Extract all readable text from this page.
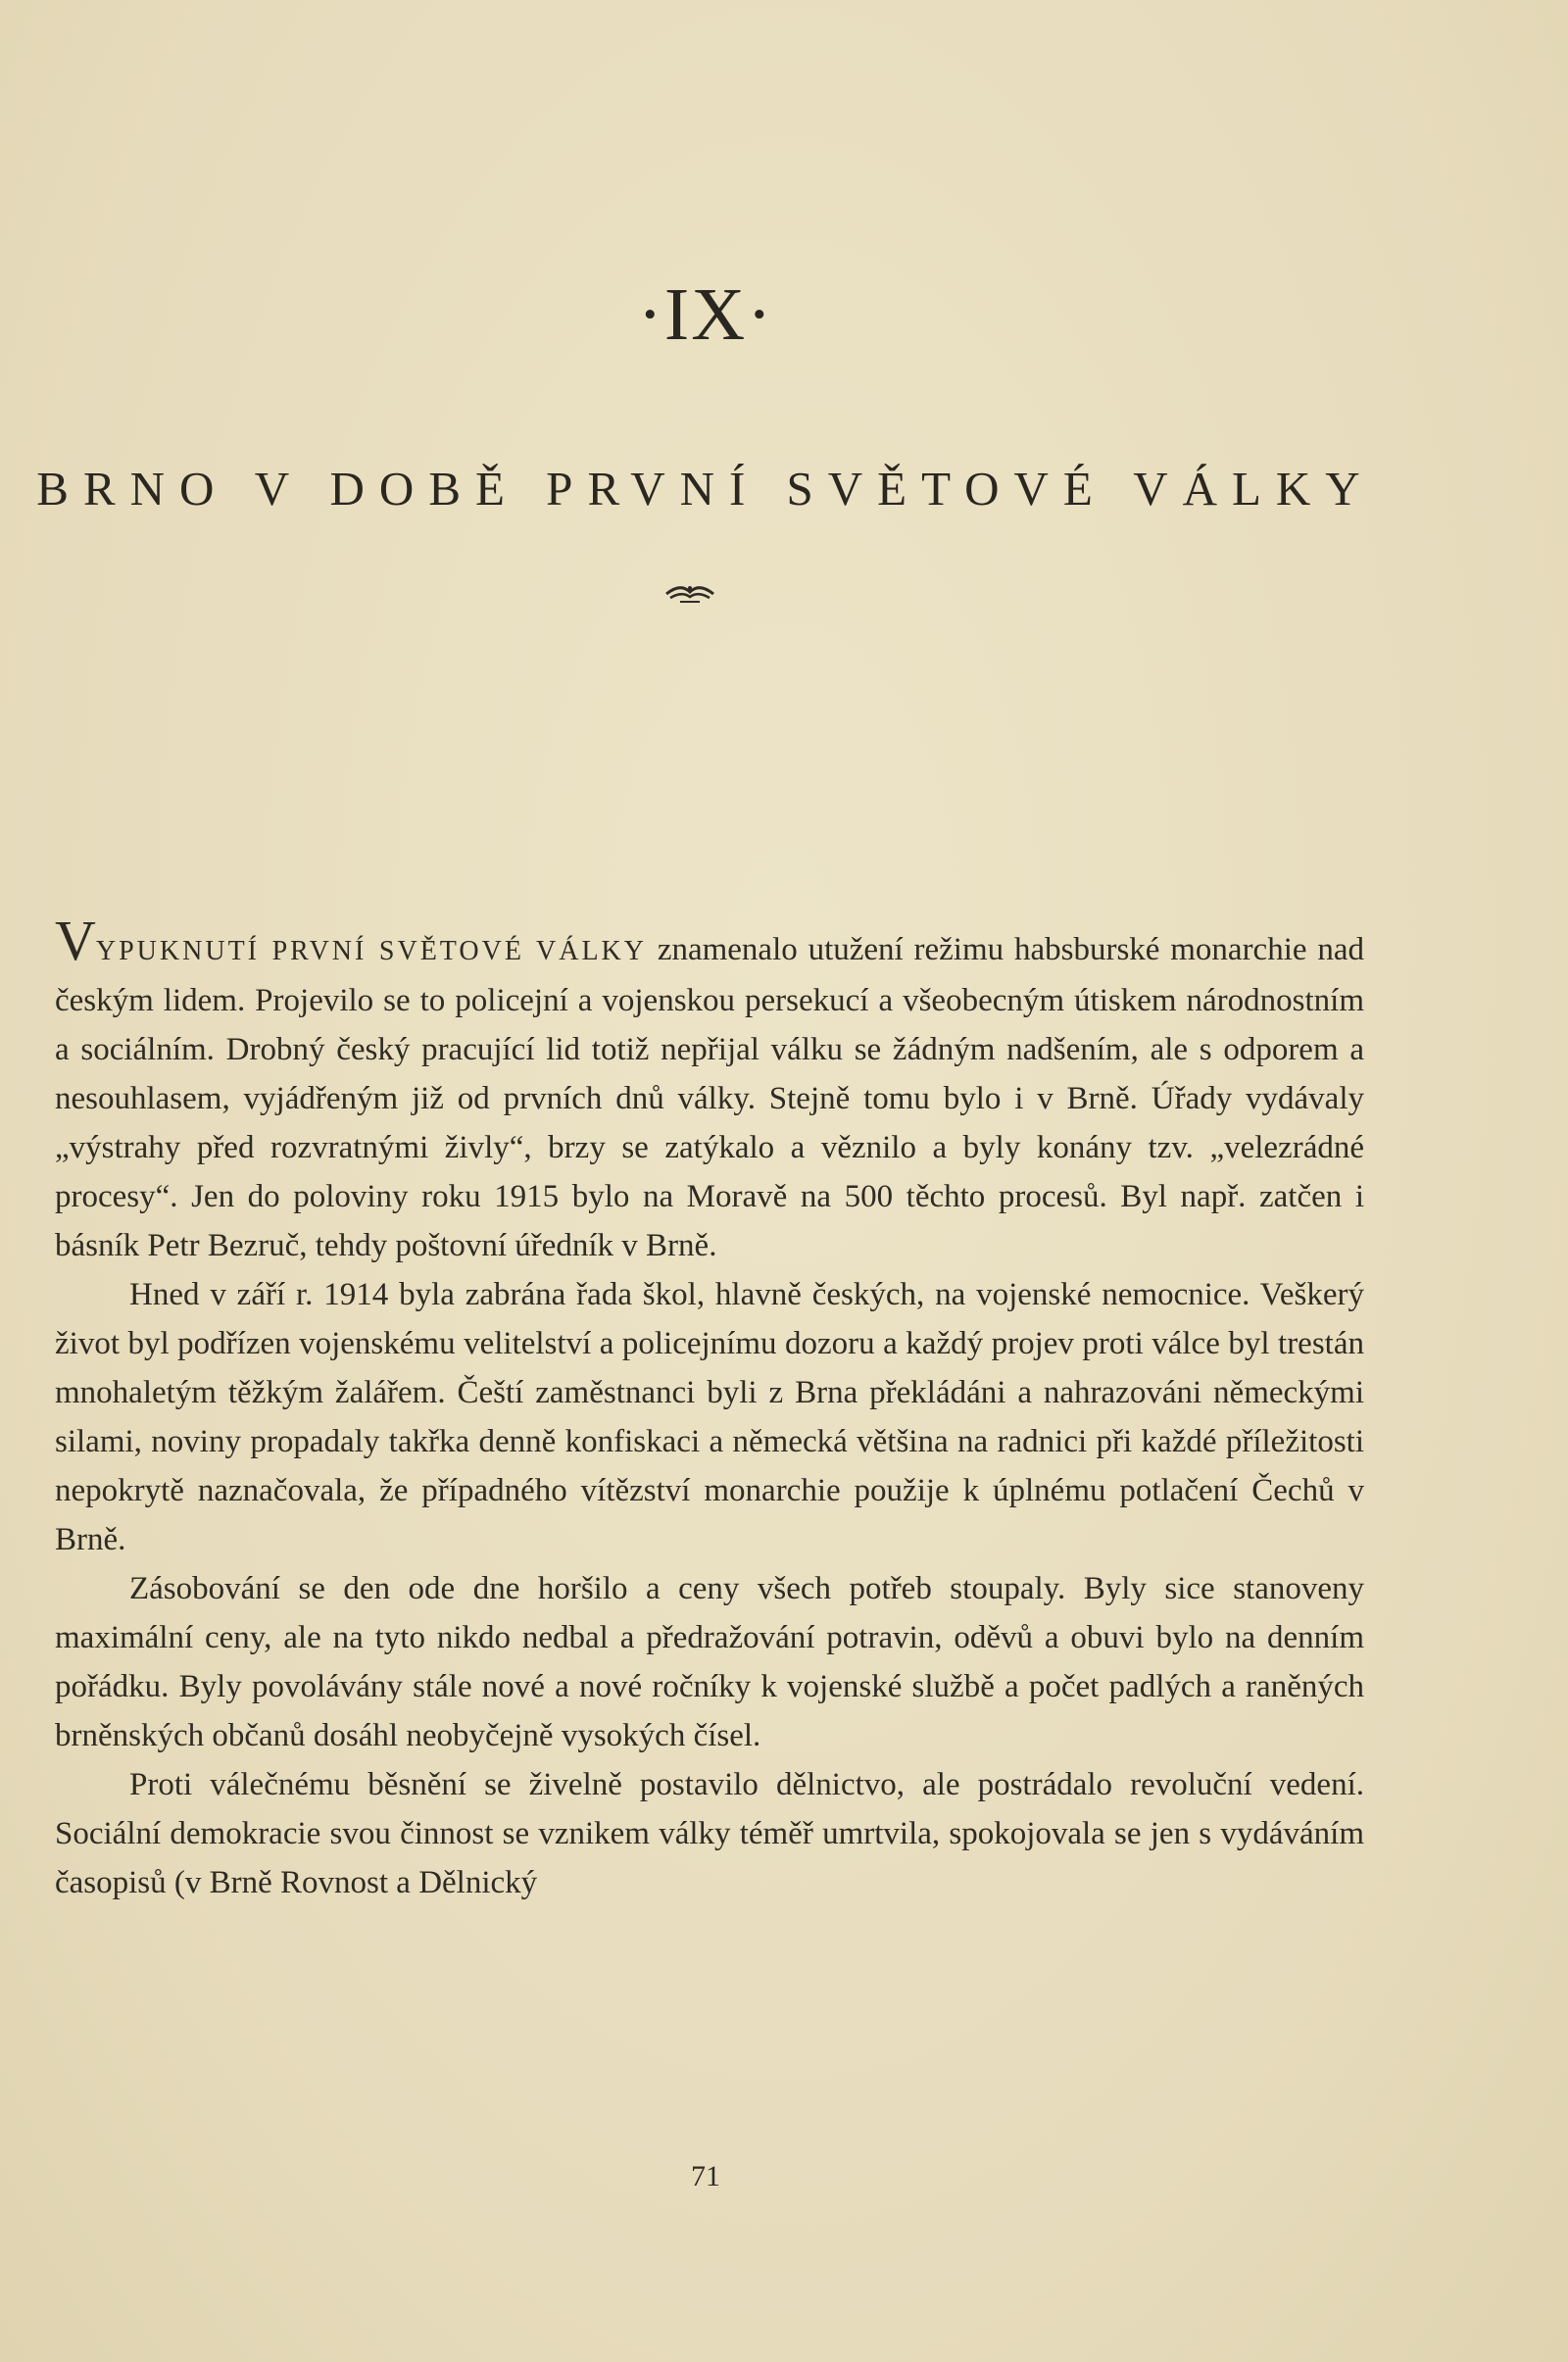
·IX·
BRNO V DOBĚ PRVNÍ SVĚTOVÉ VÁLKY

VYPUKNUTÍ PRVNÍ SVĚTOVÉ VÁLKY znamenalo utužení režimu habsburské monarchie nad českým lidem. Projevilo se to policejní a vojenskou persekucí a všeobecným útiskem národnostním a sociálním. Drobný český pracující lid totiž nepřijal válku se žádným nadšením, ale s odporem a nesouhlasem, vyjádřeným již od prvních dnů války. Stejně tomu bylo i v Brně. Úřady vydávaly „výstrahy před rozvratnými živly“, brzy se zatýkalo a věznilo a byly konány tzv. „velezrádné procesy“. Jen do poloviny roku 1915 bylo na Moravě na 500 těchto procesů. Byl např. zatčen i básník Petr Bezruč, tehdy poštovní úředník v Brně.

Hned v září r. 1914 byla zabrána řada škol, hlavně českých, na vojenské nemocnice. Veškerý život byl podřízen vojenskému velitelství a policejnímu dozoru a každý projev proti válce byl trestán mnohaletým těžkým žalářem. Čeští zaměstnanci byli z Brna překládáni a nahrazováni německými silami, noviny propadaly takřka denně konfiskaci a německá většina na radnici při každé příležitosti nepokrytě naznačovala, že případného vítězství monarchie použije k úplnému potlačení Čechů v Brně.

Zásobování se den ode dne horšilo a ceny všech potřeb stoupaly. Byly sice stanoveny maximální ceny, ale na tyto nikdo nedbal a předražování potravin, oděvů a obuvi bylo na denním pořádku. Byly povolávány stále nové a nové ročníky k vojenské službě a počet padlých a raněných brněnských občanů dosáhl neobyčejně vysokých čísel.

Proti válečnému běsnění se živelně postavilo dělnictvo, ale postrádalo revoluční vedení. Sociální demokracie svou činnost se vznikem války téměř umrtvila, spokojovala se jen s vydáváním časopisů (v Brně Rovnost a Dělnický

71
